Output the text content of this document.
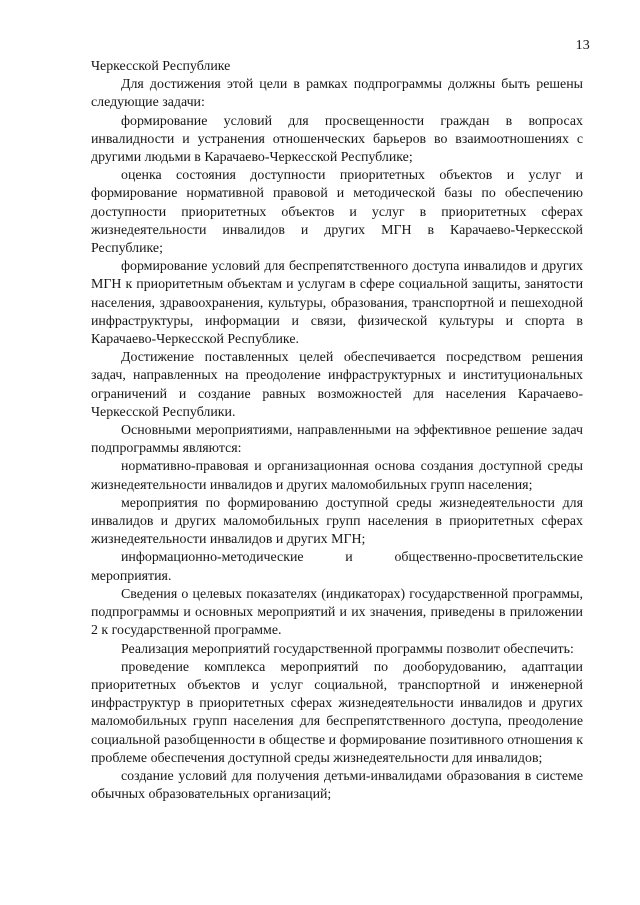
13

Черкесской Республике

Для достижения этой цели в рамках подпрограммы должны быть решены следующие задачи:

формирование условий для просвещенности граждан в вопросах инвалидности и устранения отношенческих барьеров во взаимоотношениях с другими людьми в Карачаево-Черкесской Республике;

оценка состояния доступности приоритетных объектов и услуг и формирование нормативной правовой и методической базы по обеспечению доступности приоритетных объектов и услуг в приоритетных сферах жизнедеятельности инвалидов и других МГН в Карачаево-Черкесской Республике;

формирование условий для беспрепятственного доступа инвалидов и других МГН к приоритетным объектам и услугам в сфере социальной защиты, занятости населения, здравоохранения, культуры, образования, транспортной и пешеходной инфраструктуры, информации и связи, физической культуры и спорта в Карачаево-Черкесской Республике.

Достижение поставленных целей обеспечивается посредством решения задач, направленных на преодоление инфраструктурных и институциональных ограничений и создание равных возможностей для населения Карачаево-Черкесской Республики.

Основными мероприятиями, направленными на эффективное решение задач подпрограммы являются:

нормативно-правовая и организационная основа создания доступной среды жизнедеятельности инвалидов и других маломобильных групп населения;

мероприятия по формированию доступной среды жизнедеятельности для инвалидов и других маломобильных групп населения в приоритетных сферах жизнедеятельности инвалидов и других МГН;

информационно-методические и общественно-просветительские мероприятия.

Сведения о целевых показателях (индикаторах) государственной программы, подпрограммы и основных мероприятий и их значения, приведены в приложении 2 к государственной программе.

Реализация мероприятий государственной программы позволит обеспечить:

проведение комплекса мероприятий по дооборудованию, адаптации приоритетных объектов и услуг социальной, транспортной и инженерной инфраструктур в приоритетных сферах жизнедеятельности инвалидов и других маломобильных групп населения для беспрепятственного доступа, преодоление социальной разобщенности в обществе и формирование позитивного отношения к проблеме обеспечения доступной среды жизнедеятельности для инвалидов;

создание условий для получения детьми-инвалидами образования в системе обычных образовательных организаций;
